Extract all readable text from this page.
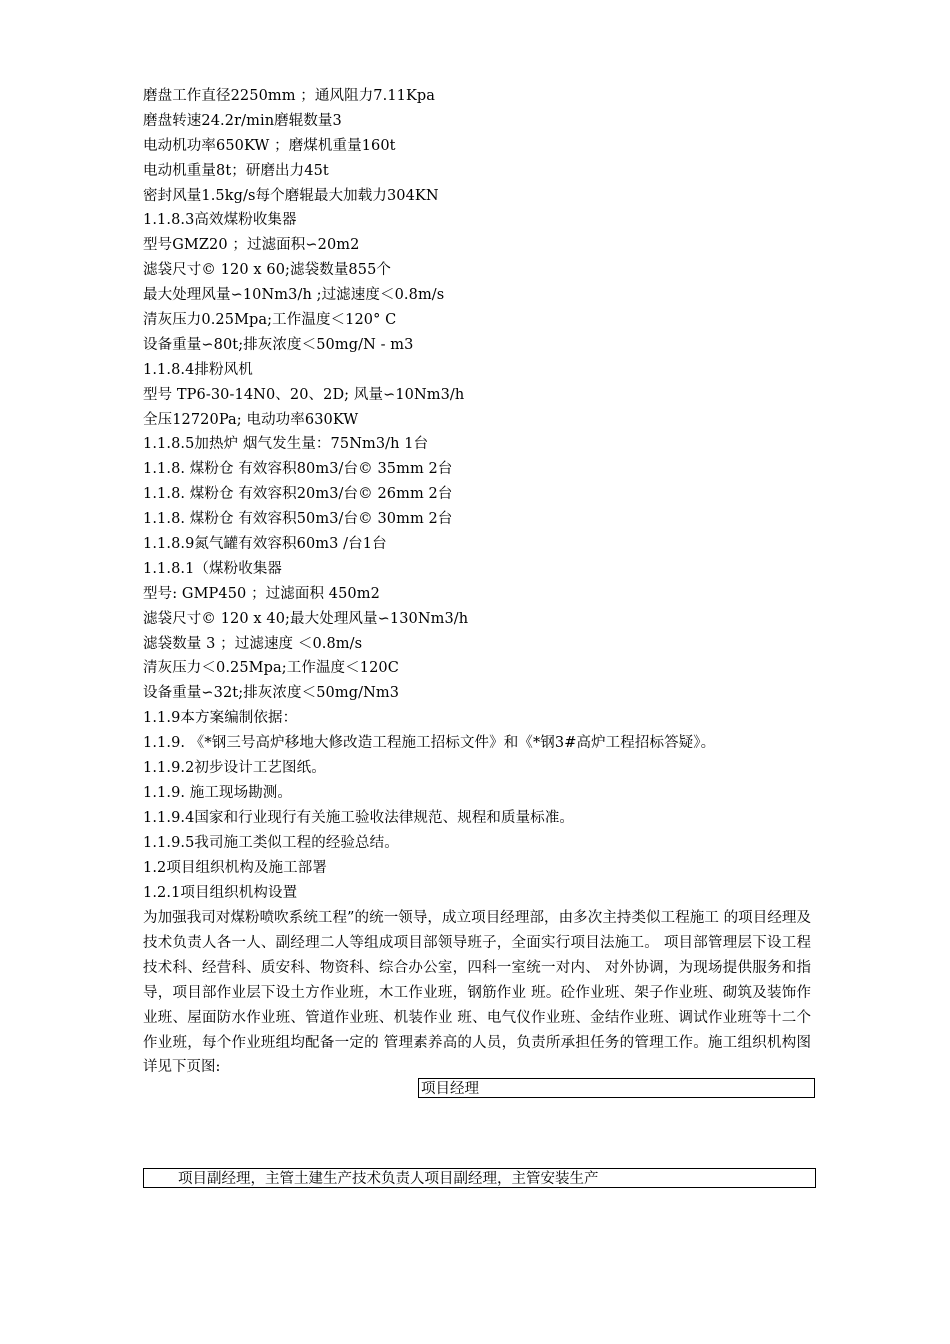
磨盘工作直径2250mm ；通风阻力7.11Kpa
磨盘转速24.2r/min磨辊数量3
电动机功率650KW ；磨煤机重量160t
电动机重量8t；研磨出力45t
密封风量1.5kg/s每个磨辊最大加载力304KN
1.1.8.3高效煤粉收集器
型号GMZ20 ；过滤面积∽20m2
滤袋尺寸© 120 x 60;滤袋数量855个
最大处理风量∽10Nm3/h ;过滤速度＜0.8m/s
清灰压力0.25Mpa;工作温度＜120° C
设备重量∽80t;排灰浓度＜50mg/N - m3
1.1.8.4排粉风机
型号 TP6-30-14N0、20、2D; 风量∽10Nm3/h
全压12720Pa; 电动功率630KW
1.1.8.5加热炉 烟气发生量：75Nm3/h 1台
1.1.8. 煤粉仓 有效容积80m3/台© 35mm 2台
1.1.8. 煤粉仓 有效容积20m3/台© 26mm 2台
1.1.8. 煤粉仓 有效容积50m3/台© 30mm 2台
1.1.8.9氮气罐有效容积60m3 /台1台
1.1.8.1（煤粉收集器
型号: GMP450 ；过滤面积 450m2
滤袋尺寸© 120 x 40;最大处理风量∽130Nm3/h
滤袋数量 3 ；过滤速度 ＜0.8m/s
清灰压力＜0.25Mpa;工作温度＜120C
设备重量∽32t;排灰浓度＜50mg/Nm3
1.1.9本方案编制依据：
1.1.9. 《*钢三号高炉移地大修改造工程施工招标文件》和《*钢3#高炉工程招标答疑》。
1.1.9.2初步设计工艺图纸。
1.1.9. 施工现场勘测。
1.1.9.4国家和行业现行有关施工验收法律规范、规程和质量标准。
1.1.9.5我司施工类似工程的经验总结。
1.2项目组织机构及施工部署
1.2.1项目组织机构设置
为加强我司对煤粉喷吹系统工程”的统一领导，成立项目经理部，由多次主持类似工程施工 的项目经理及技术负责人各一人、副经理二人等组成项目部领导班子，全面实行项目法施工。 项目部管理层下设工程技术科、经营科、质安科、物资科、综合办公室，四科一室统一对内、 对外协调，为现场提供服务和指导，项目部作业层下设土方作业班，木工作业班，钢筋作业 班。砼作业班、架子作业班、砌筑及装饰作业班、屋面防水作业班、管道作业班、机装作业 班、电气仪作业班、金结作业班、调试作业班等十二个作业班，每个作业班组均配备一定的 管理素养高的人员，负责所承担任务的管理工作。施工组织机构图详见下页图:
项目经理
项目副经理，主管土建生产技术负责人项目副经理，主管安装生产
